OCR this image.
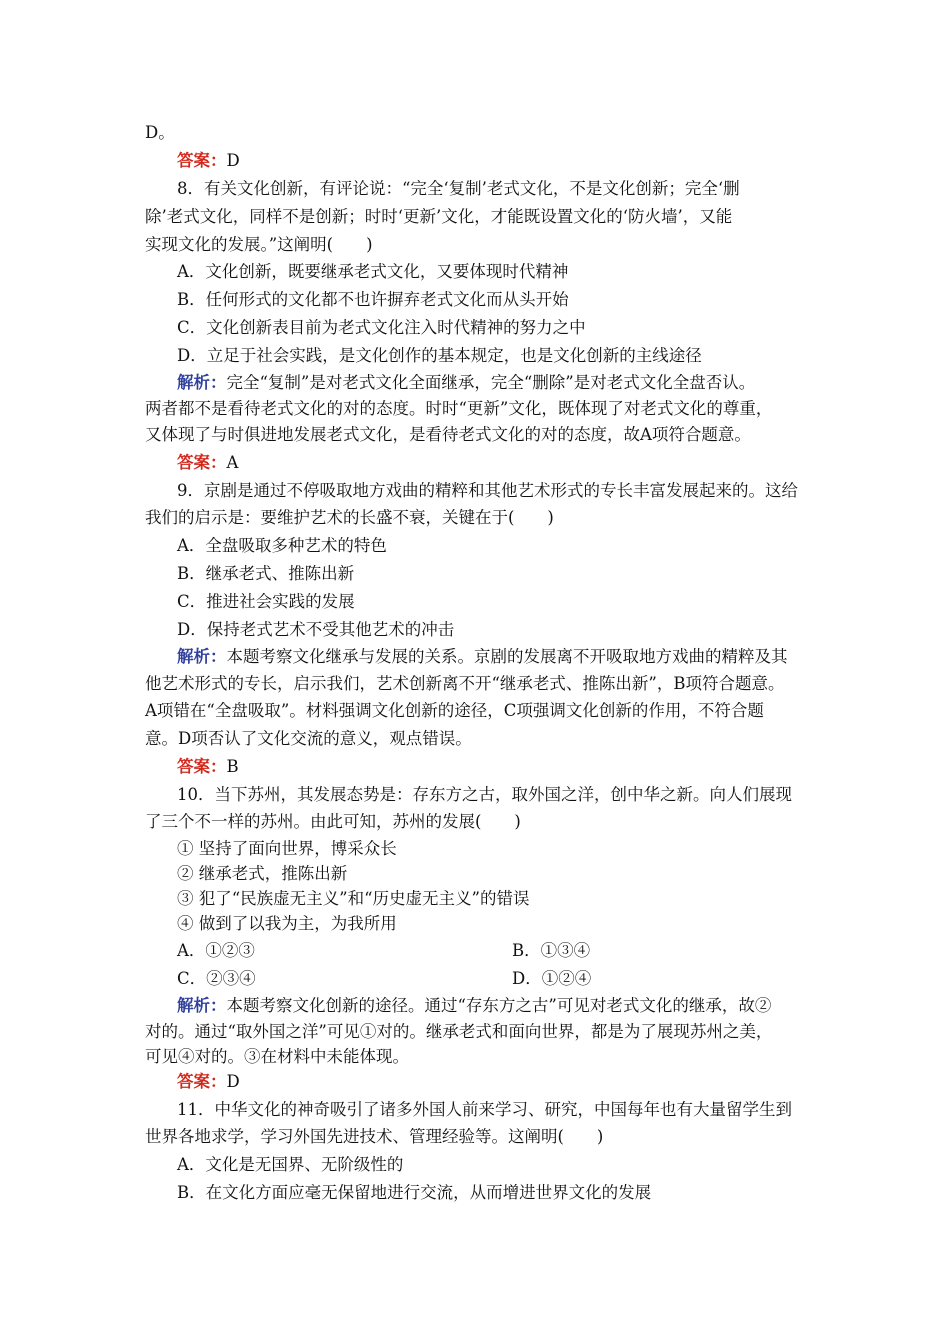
D。
答案：D
8．有关文化创新，有评论说：“完全‘复制’老式文化，不是文化创新；完全‘删
除’老式文化，同样不是创新；时时‘更新’文化，才能既设置文化的‘防火墙’，又能
实现文化的发展。”这阐明(　　)
A．文化创新，既要继承老式文化，又要体现时代精神
B．任何形式的文化都不也许摒弃老式文化而从头开始
C．文化创新表目前为老式文化注入时代精神的努力之中
D．立足于社会实践，是文化创作的基本规定，也是文化创新的主线途径
解析：完全“复制”是对老式文化全面继承，完全“删除”是对老式文化全盘否认。
两者都不是看待老式文化的对的态度。时时“更新”文化，既体现了对老式文化的尊重，
又体现了与时俱进地发展老式文化，是看待老式文化的对的态度，故A项符合题意。
答案：A
9．京剧是通过不停吸取地方戏曲的精粹和其他艺术形式的专长丰富发展起来的。这给
我们的启示是：要维护艺术的长盛不衰，关键在于(　　)
A．全盘吸取多种艺术的特色
B．继承老式、推陈出新
C．推进社会实践的发展
D．保持老式艺术不受其他艺术的冲击
解析：本题考察文化继承与发展的关系。京剧的发展离不开吸取地方戏曲的精粹及其
他艺术形式的专长，启示我们，艺术创新离不开“继承老式、推陈出新”，B项符合题意。
A项错在“全盘吸取”。材料强调文化创新的途径，C项强调文化创新的作用，不符合题
意。D项否认了文化交流的意义，观点错误。
答案：B
10．当下苏州，其发展态势是：存东方之古，取外国之洋，创中华之新。向人们展现
了三个不一样的苏州。由此可知，苏州的发展(　　)
① 坚持了面向世界，博采众长
② 继承老式，推陈出新
③ 犯了“民族虚无主义”和“历史虚无主义”的错误
④ 做到了以我为主，为我所用
A．①②③	B．①③④
C．②③④	D．①②④
解析：本题考察文化创新的途径。通过“存东方之古”可见对老式文化的继承，故②
对的。通过“取外国之洋”可见①对的。继承老式和面向世界，都是为了展现苏州之美，
可见④对的。③在材料中未能体现。
答案：D
11．中华文化的神奇吸引了诸多外国人前来学习、研究，中国每年也有大量留学生到
世界各地求学，学习外国先进技术、管理经验等。这阐明(　　)
A．文化是无国界、无阶级性的
B．在文化方面应毫无保留地进行交流，从而增进世界文化的发展
